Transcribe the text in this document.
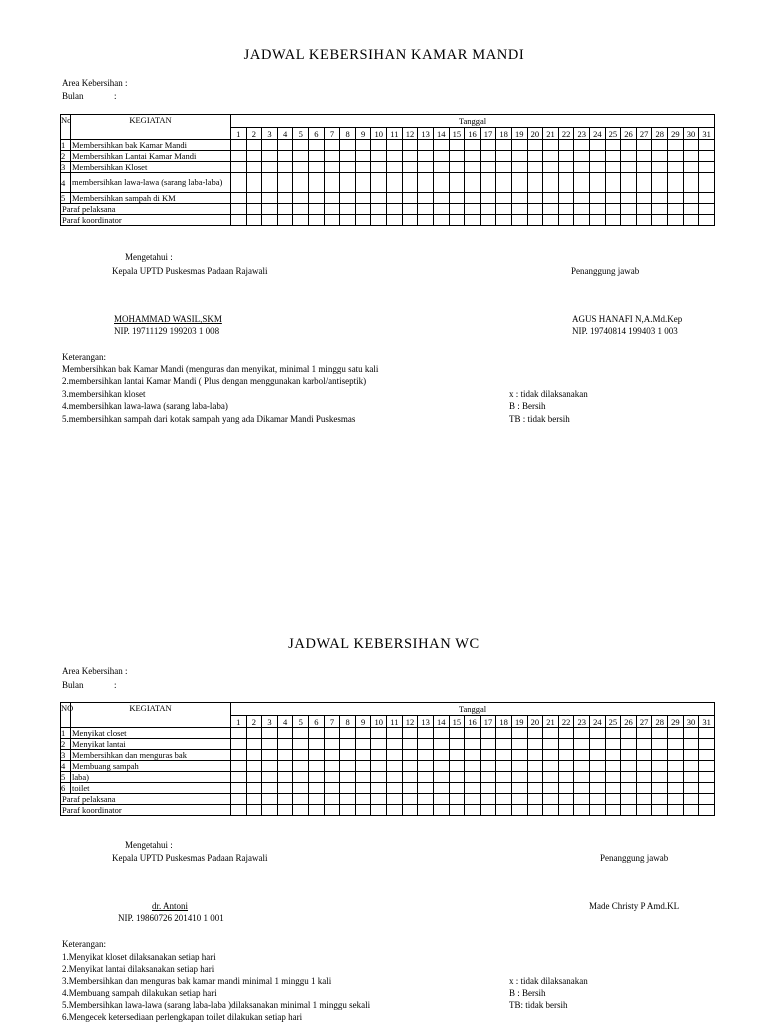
JADWAL KEBERSIHAN KAMAR MANDI
Area Kebersihan :
Bulan	:
No	KEGIATAN	Tanggal																														
		1	2	3	4	5	6	7	8	9	10	11	12	13	14	15	16	17	18	19	20	21	22	23	24	25	26	27	28	29	30	31
1	Membersihkan bak Kamar Mandi																															
2	Membersihkan Lantai Kamar Mandi																															
3	Membersihkan Kloset																															
4	membersihkan lawa-lawa (sarang laba-laba)																															
5	Membersihkan sampah di KM																															
Paraf pelaksana																																
Paraf koordinator																																
Mengetahui :
Kepala UPTD Puskesmas Padaan Rajawali	Penanggung jawab
MOHAMMAD WASIL,SKM
NIP. 19711129 199203 1 008
AGUS HANAFI N,A.Md.Kep
NIP. 19740814 199403 1 003
Keterangan:
Membersihkan bak Kamar Mandi (menguras dan menyikat, minimal 1 minggu satu kali
2.membersihkan lantai Kamar Mandi ( Plus dengan menggunakan karbol/antiseptik)
3.membersihkan kloset
4.membersihkan lawa-lawa (sarang laba-laba)
5.membersihkan sampah dari kotak sampah yang ada Dikamar Mandi Puskesmas
x : tidak dilaksanakan
B : Bersih
TB : tidak bersih
JADWAL KEBERSIHAN WC
Area Kebersihan :
Bulan	:
NO	KEGIATAN	Tanggal																														
		1	2	3	4	5	6	7	8	9	10	11	12	13	14	15	16	17	18	19	20	21	22	23	24	25	26	27	28	29	30	31
1	Menyikat closet																															
2	Menyikat lantai																															
3	Membersihkan dan menguras bak																															
4	Membuang sampah																															
5	laba)																															
6	toilet																															
Paraf pelaksana																																
Paraf koordinator																																
Mengetahui :
Kepala UPTD Puskesmas Padaan Rajawali	Penanggung jawab
dr. Antoni
NIP. 19860726 201410 1 001
Made Christy P Amd.KL
Keterangan:
1.Menyikat kloset dilaksanakan setiap hari
2.Menyikat lantai dilaksanakan setiap hari
3.Membersihkan dan menguras bak kamar mandi minimal 1 minggu 1 kali
4.Membuang sampah dilakukan setiap hari
5.Membersihkan lawa-lawa (sarang laba-laba )dilaksanakan minimal 1 minggu sekali
6.Mengecek ketersediaan perlengkapan toilet dilakukan setiap hari
x : tidak dilaksanakan
B : Bersih
TB: tidak bersih
